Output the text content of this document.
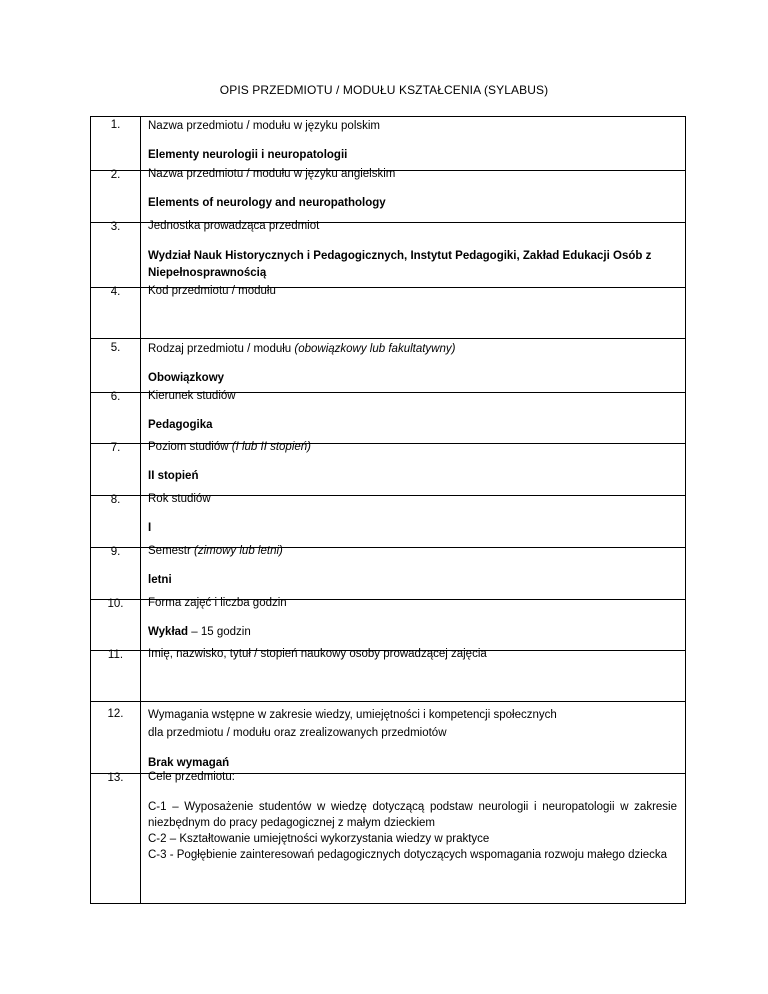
OPIS PRZEDMIOTU / MODUŁU KSZTAŁCENIA (SYLABUS)
1.	Nazwa przedmiotu / modułu w języku polskim
Elementy neurologii i neuropatologii

2.	Nazwa przedmiotu / modułu w języku angielskim
Elements of neurology and neuropathology

3.	Jednostka prowadząca przedmiot
Wydział Nauk Historycznych i Pedagogicznych, Instytut Pedagogiki, Zakład Edukacji Osób z Niepełnosprawnością

4.	Kod przedmiotu / modułu

5.	Rodzaj przedmiotu / modułu (obowiązkowy lub fakultatywny)
Obowiązkowy

6.	Kierunek studiów
Pedagogika

7.	Poziom studiów (I lub II stopień)
II stopień

8.	Rok studiów
I

9.	Semestr (zimowy lub letni)
letni

10.	Forma zajęć i liczba godzin
Wykład – 15 godzin

11.	Imię, nazwisko, tytuł / stopień naukowy osoby prowadzącej zajęcia

12.	Wymagania wstępne w zakresie wiedzy, umiejętności i kompetencji społecznych
dla przedmiotu / modułu oraz zrealizowanych przedmiotów
Brak wymagań

13.	Cele przedmiotu:
C-1 – Wyposażenie studentów w wiedzę dotyczącą podstaw neurologii i neuropatologii w zakresie niezbędnym do pracy pedagogicznej z małym dzieckiem
C-2 – Kształtowanie umiejętności wykorzystania wiedzy w praktyce
C-3 - Pogłębienie zainteresowań pedagogicznych dotyczących wspomagania rozwoju małego dziecka
